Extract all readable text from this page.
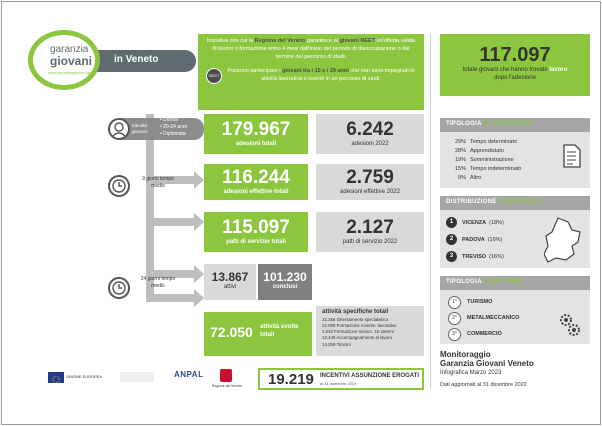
in Veneto
garanzia
giovani
www.garanziagiovani.gov.it
Iniziativa con cui la Regione del Veneto garantisce ai giovani NEET un'offerta valida di lavoro o formazione entro 4 mesi dall'inizio del periodo di disoccupazione o dal termine del percorso di studi.
NEET
Possono partecipare i giovani tra i 15 e i 29 anni che non sono impegnati in attività lavorativa o inseriti in un percorso di studi.
Identikit giovane
• Donna
• 20-24 anni
• Diplomata
9 giorni tempo medio
24 giorni tempo medio
179.967
adesioni totali
6.242
adesioni 2022
116.244
adesioni effettive totali
2.759
adesioni effettive 2022
115.097
patti di servizio totali
2.127
patti di servizio 2022
13.867
attivi
101.230
conclusi
72.050 attività svolte totali
attività specifiche totali
22.356 Orientamento specialistico
22.008 Formazione inserim. lavorativo
1.042 Formazione reinser. 15-18enni
12.445 Accompagnamento al lavoro
14.259 Tirocini
19.219 INCENTIVI ASSUNZIONE EROGATI
al 31 dicembre 2019
UNIONE EUROPEA	ANPAL
Regione del Veneto
117.097
totale giovani che hanno trovato lavoro dopo l'adesione
TIPOLOGIA DI CONTRATTO
29% Tempo determinato
28% Apprendistato
19% Somministrazione
15% Tempo indeterminato
9% Altro
DISTRIBUZIONE PROVINCIALE
1	VICENZA (18%)
2	PADOVA (16%)
3	TREVISO (16%)
TIPOLOGIA DI SETTORE
1°	TURISMO
2°	METALMECCANICO
3°	COMMERCIO
Monitoraggio
Garanzia Giovani Veneto
Infografica Marzo 2023
Dati aggiornati al 31 dicembre 2022
